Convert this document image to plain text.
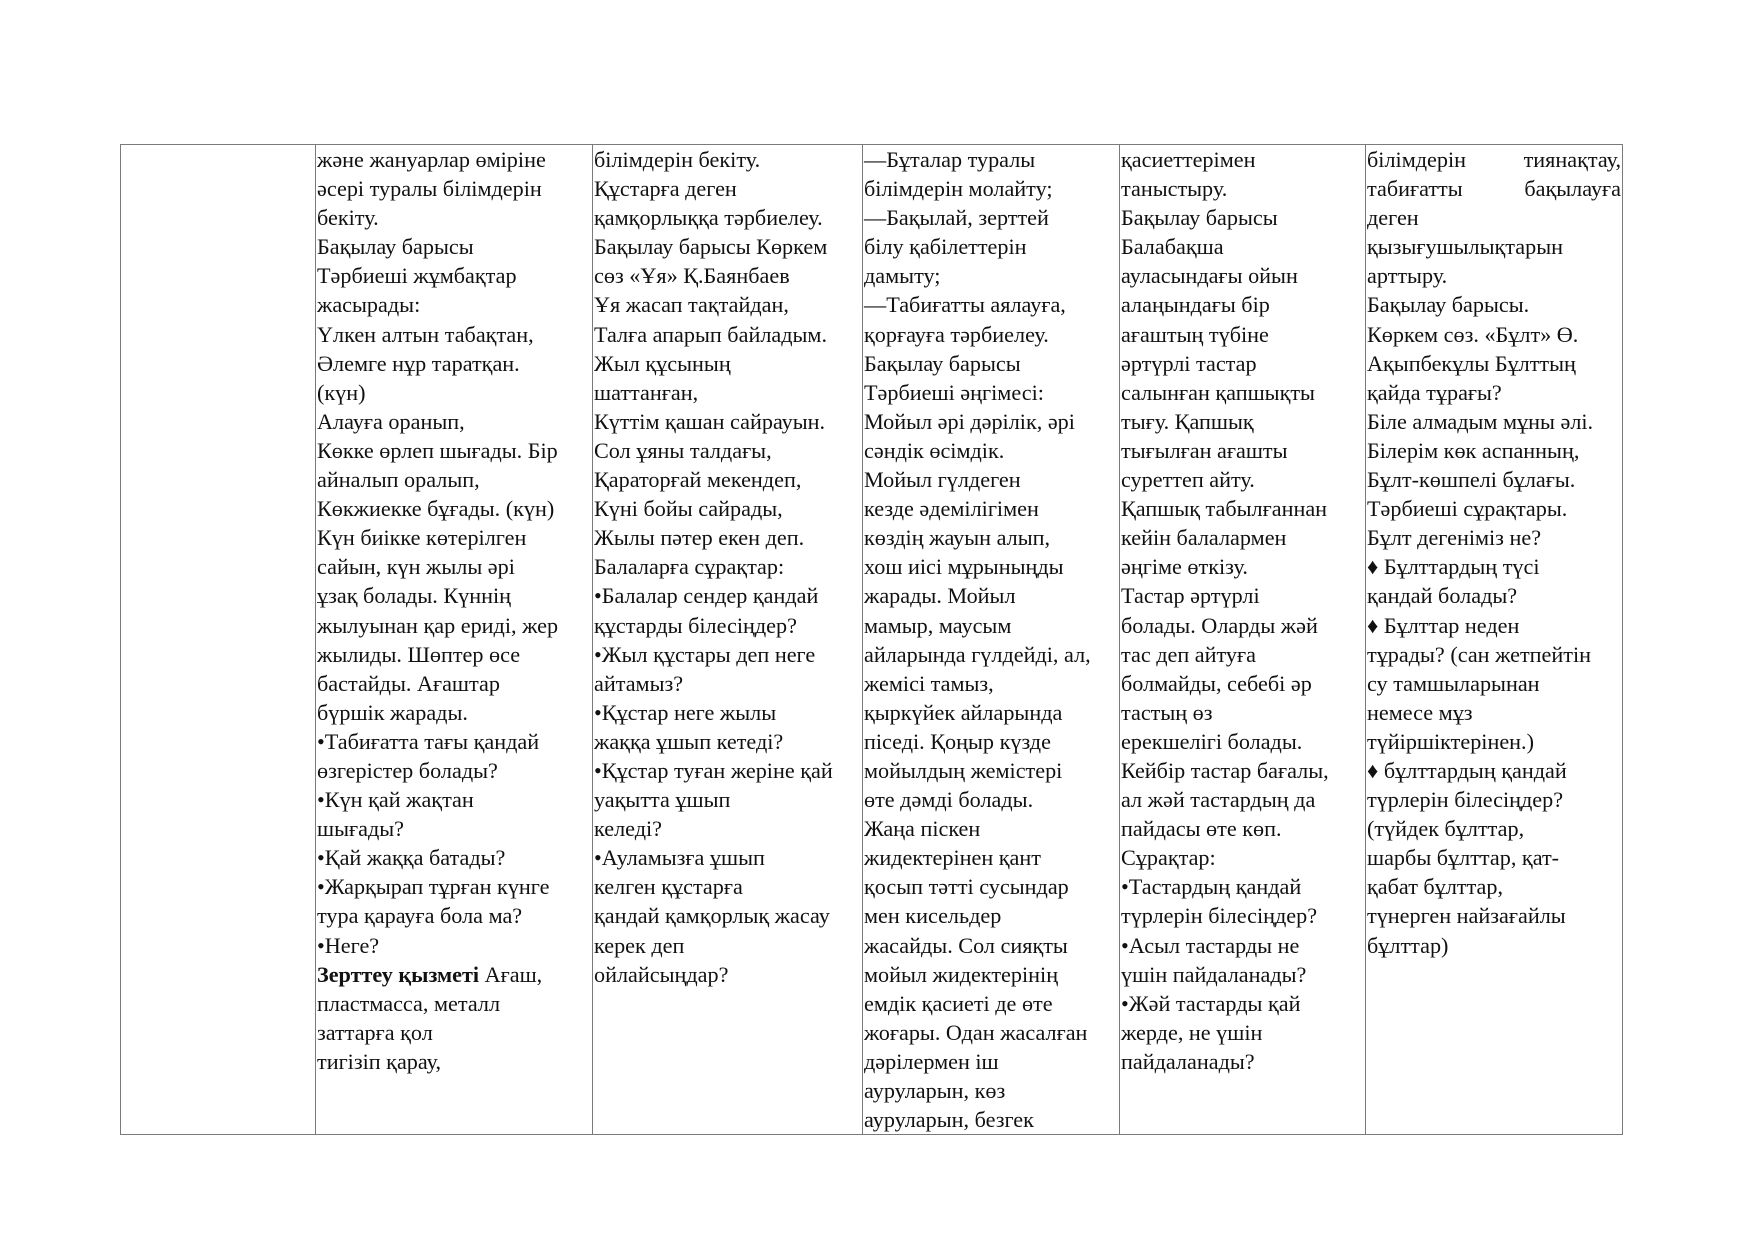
және жануарлар өміріне
әсері туралы білімдерін
бекіту.
Бақылау барысы
Тәрбиеші жұмбақтар
жасырады:
Үлкен алтын табақтан,
Әлемге нұр таратқан.
(күн)
Алауға оранып,
Көкке өрлеп шығады. Бір
айналып оралып,
Көкжиекке бұғады. (күн)
Күн биікке көтерілген
сайын, күн жылы әрі
ұзақ болады. Күннің
жылуынан қар ериді, жер
жылиды. Шөптер өсе
бастайды. Ағаштар
бүршік жарады.
•Табиғатта тағы қандай
өзгерістер болады?
•Күн қай жақтан
шығады?
•Қай жаққа батады?
•Жарқырап тұрған күнге
тура қарауға бола ма?
•Неге?
Зерттеу қызметі Ағаш,
пластмасса, металл
заттарға қол
тигізіп қарау,

білімдерін бекіту.
Құстарға деген
қамқорлыққа тәрбиелеу.
Бақылау барысы Көркем
сөз «Ұя» Қ.Баянбаев
Ұя жасап тақтайдан,
Талға апарып байладым.
Жыл құсының
шаттанған,
Күттім қашан сайрауын.
Сол ұяны талдағы,
Қараторғай мекендеп,
Күні бойы сайрады,
Жылы пәтер екен деп.
Балаларға сұрақтар:
•Балалар сендер қандай
құстарды білесіңдер?
•Жыл құстары деп неге
айтамыз?
•Құстар неге жылы
жаққа ұшып кетеді?
•Құстар туған жеріне қай
уақытта ұшып
келеді?
•Ауламызға ұшып
келген құстарға
қандай қамқорлық жасау
керек деп
ойлайсыңдар?

—Бұталар туралы
білімдерін молайту;
—Бақылай, зерттей
білу қабілеттерін
дамыту;
—Табиғатты аялауға,
қорғауға тәрбиелеу.
Бақылау барысы
Тәрбиеші әңгімесі:
Мойыл әрі дәрілік, әрі
сәндік өсімдік.
Мойыл гүлдеген
кезде әдемілігімен
көздің жауын алып,
хош иісі мұрыныңды
жарады. Мойыл
мамыр, маусым
айларында гүлдейді, ал,
жемісі тамыз,
қыркүйек айларында
піседі. Қоңыр күзде
мойылдың жемістері
өте дәмді болады.
Жаңа піскен
жидектерінен қант
қосып тәтті сусындар
мен кисельдер
жасайды. Сол сияқты
мойыл жидектерінің
емдік қасиеті де өте
жоғары. Одан жасалған
дәрілермен іш
ауруларын, көз
ауруларын, безгек

қасиеттерімен
таныстыру.
Бақылау барысы
Балабақша
ауласындағы ойын
алаңындағы бір
ағаштың түбіне
әртүрлі тастар
салынған қапшықты
тығу. Қапшық
тығылған ағашты
суреттеп айту.
Қапшық табылғаннан
кейін балалармен
әңгіме өткізу.
Тастар әртүрлі
болады. Оларды жәй
тас деп айтуға
болмайды, себебі әр
тастың өз
ерекшелігі болады.
Кейбір тастар бағалы,
ал жәй тастардың да
пайдасы өте көп.
Сұрақтар:
•Тастардың қандай
түрлерін білесіңдер?
•Асыл тастарды не
үшін пайдаланады?
•Жәй тастарды қай
жерде, не үшін
пайдаланады?

білімдерін тиянақтау,
табиғатты бақылауға
деген
қызығушылықтарын
арттыру.
Бақылау барысы.
Көркем сөз. «Бұлт» Ө.
Ақыпбекұлы Бұлттың
қайда тұрағы?
Біле алмадым мұны әлі.
Білерім көк аспанның,
Бұлт-көшпелі бұлағы.
Тәрбиеші сұрақтары.
Бұлт дегеніміз не?
♦ Бұлттардың түсі
қандай болады?
♦ Бұлттар неден
тұрады? (сан жетпейтін
су тамшыларынан
немесе мұз
түйіршіктерінен.)
♦ бұлттардың қандай
түрлерін білесіңдер?
(түйдек бұлттар,
шарбы бұлттар, қат-
қабат бұлттар,
түнерген найзағайлы
бұлттар)
